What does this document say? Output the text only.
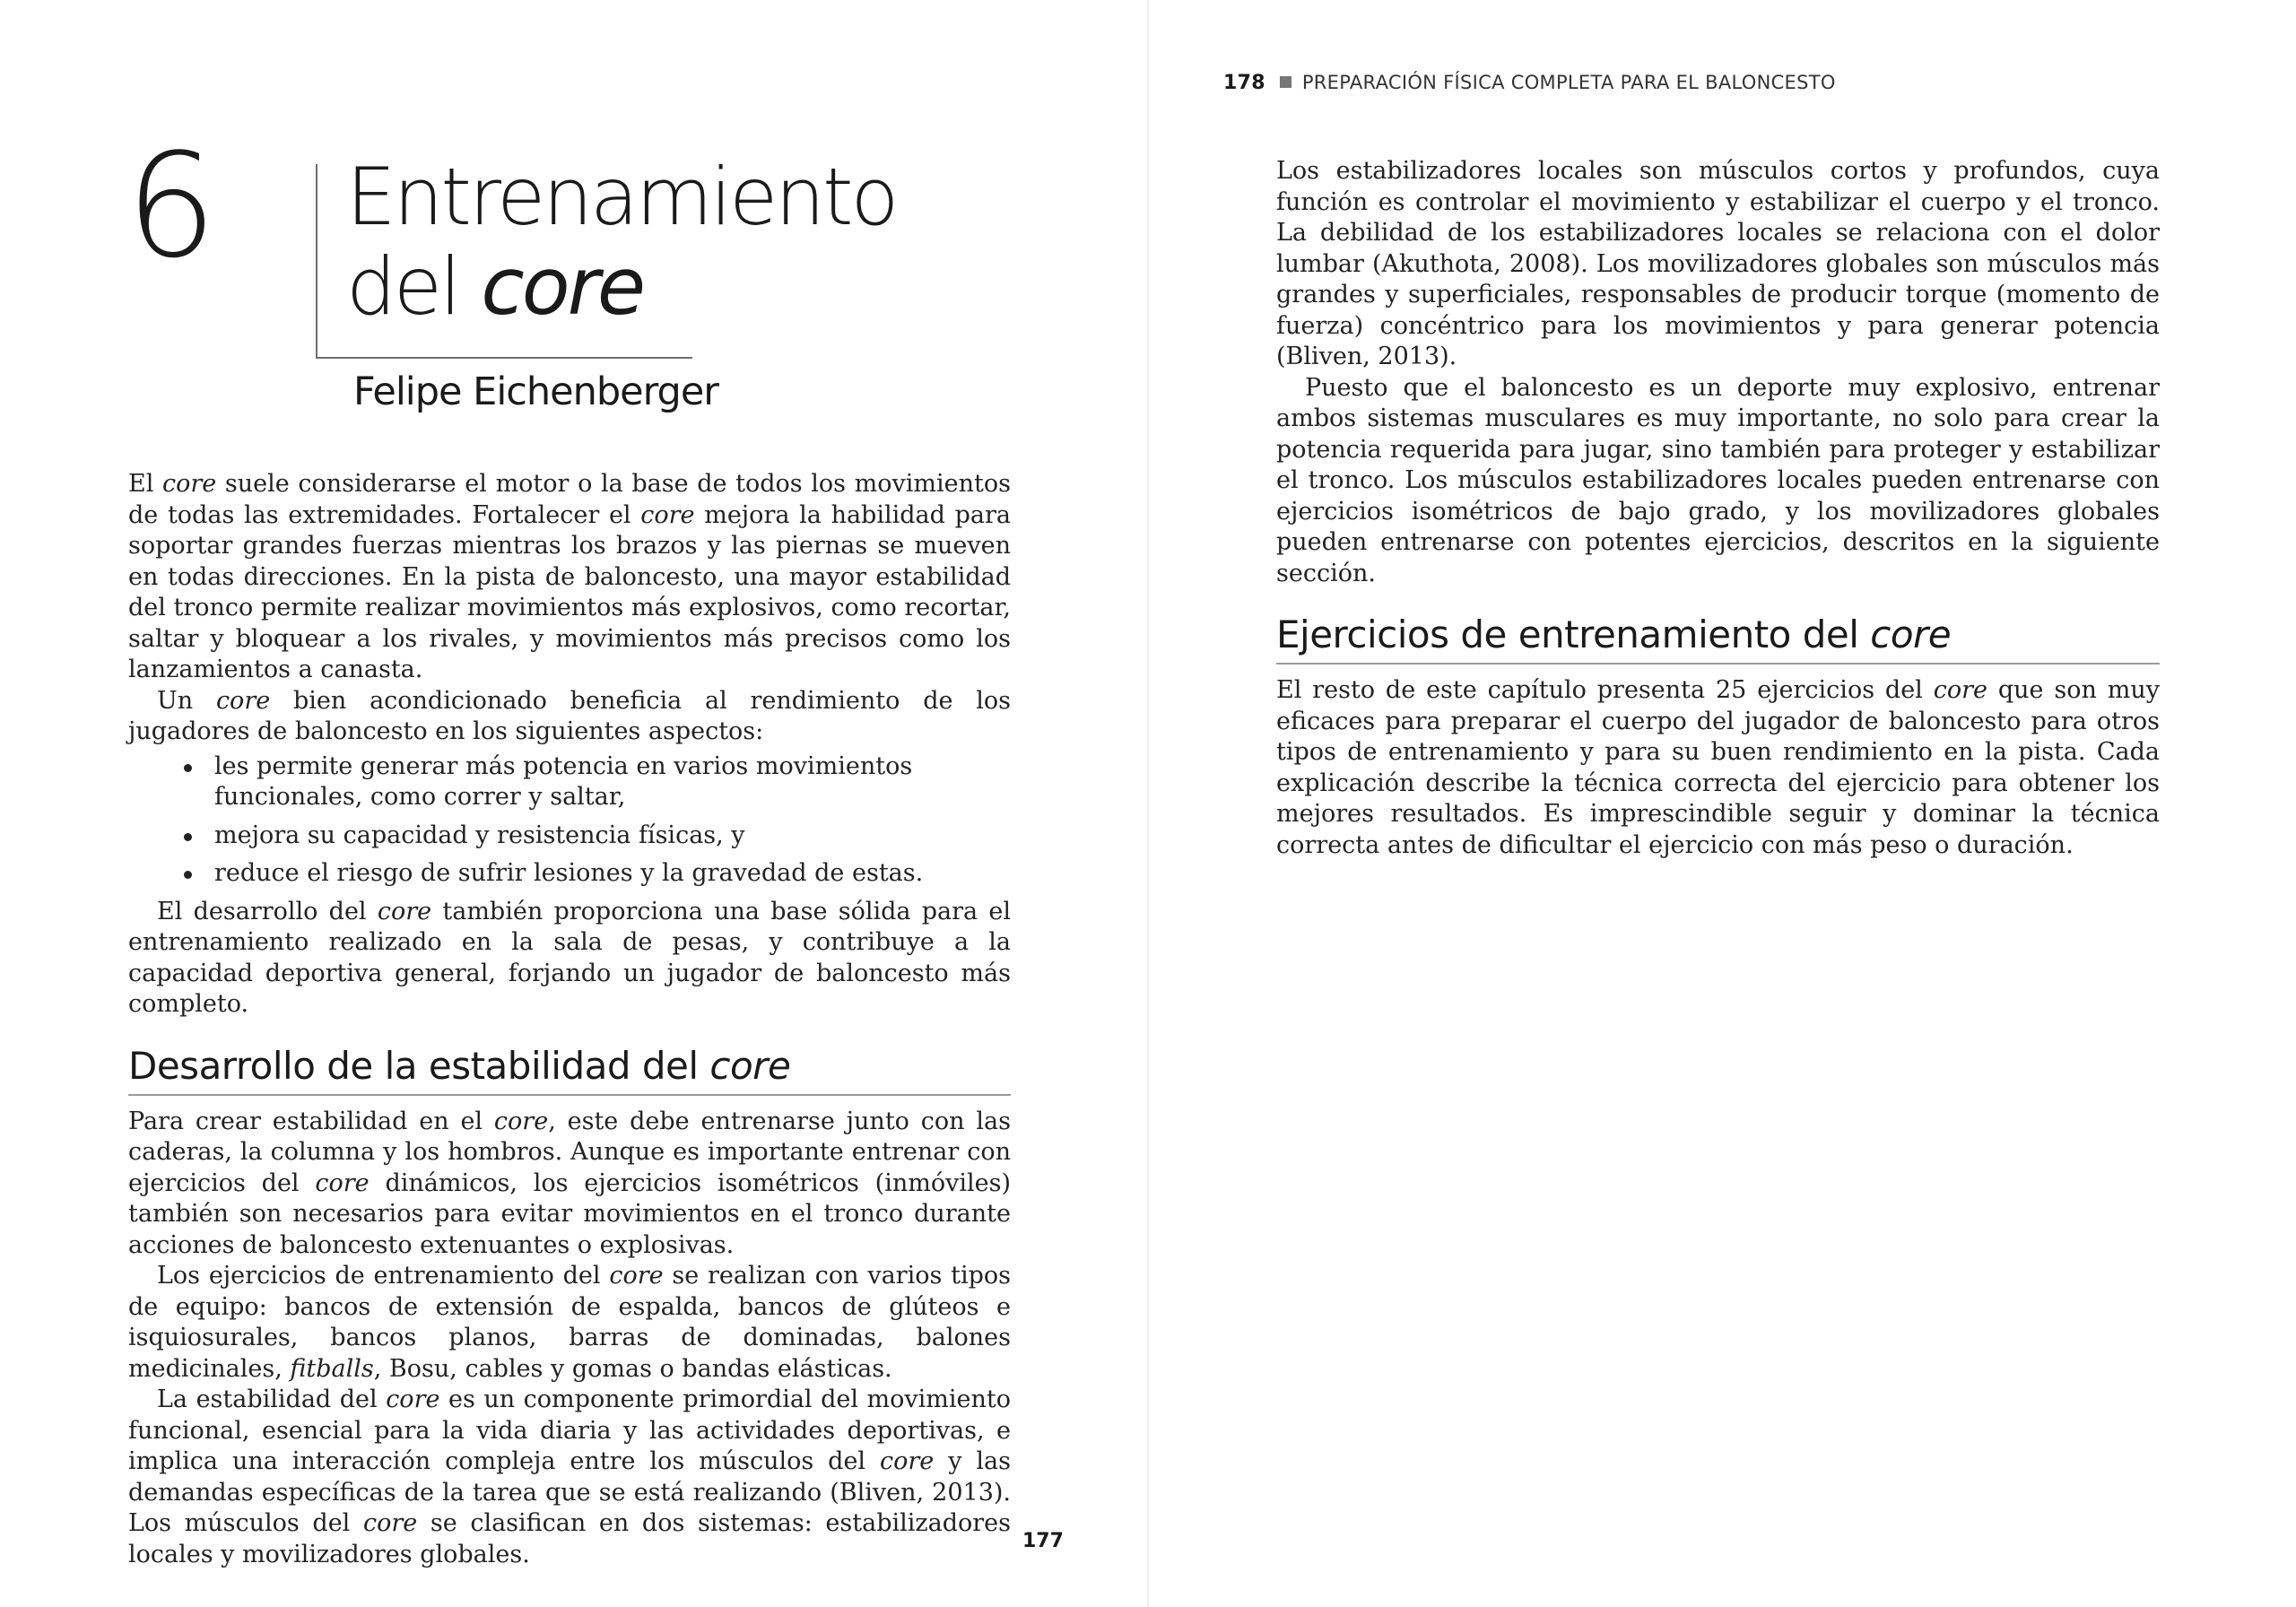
6 Entrenamiento
del core
Felipe Eichenberger

El core suele considerarse el motor o la base de todos los movimientos de todas las extremidades. Fortalecer el core mejora la habilidad para soportar grandes fuerzas mientras los brazos y las piernas se mueven en todas direcciones. En la pista de baloncesto, una mayor estabilidad del tronco permite realizar movimientos más explosivos, como recortar, saltar y bloquear a los rivales, y movimientos más precisos como los lanzamientos a canasta.

Un core bien acondicionado beneficia al rendimiento de los jugadores de baloncesto en los siguientes aspectos:

les permite generar más potencia en varios movimientos funcionales, como correr y saltar,
mejora su capacidad y resistencia físicas, y
reduce el riesgo de sufrir lesiones y la gravedad de estas.

El desarrollo del core también proporciona una base sólida para el entrenamiento realizado en la sala de pesas, y contribuye a la capacidad deportiva general, forjando un jugador de baloncesto más completo.

Desarrollo de la estabilidad del core

Para crear estabilidad en el core, este debe entrenarse junto con las caderas, la columna y los hombros. Aunque es importante entrenar con ejercicios del core dinámicos, los ejercicios isométricos (inmóviles) también son necesarios para evitar movimientos en el tronco durante acciones de baloncesto extenuantes o explosivas.

Los ejercicios de entrenamiento del core se realizan con varios tipos de equipo: bancos de extensión de espalda, bancos de glúteos e isquiosurales, bancos planos, barras de dominadas, balones medicinales, fitballs, Bosu, cables y gomas o bandas elásticas.

La estabilidad del core es un componente primordial del movimiento funcional, esencial para la vida diaria y las actividades deportivas, e implica una interacción compleja entre los músculos del core y las demandas específicas de la tarea que se está realizando (Bliven, 2013). Los músculos del core se clasifican en dos sistemas: estabilizadores locales y movilizadores globales.	177
178 PREPARACIÓN FÍSICA COMPLETA PARA EL BALONCESTO

Los estabilizadores locales son músculos cortos y profundos, cuya función es controlar el movimiento y estabilizar el cuerpo y el tronco. La debilidad de los estabilizadores locales se relaciona con el dolor lumbar (Akuthota, 2008). Los movilizadores globales son músculos más grandes y superficiales, responsables de producir torque (momento de fuerza) concéntrico para los movimientos y para generar potencia (Bliven, 2013).

Puesto que el baloncesto es un deporte muy explosivo, entrenar ambos sistemas musculares es muy importante, no solo para crear la potencia requerida para jugar, sino también para proteger y estabilizar el tronco. Los músculos estabilizadores locales pueden entrenarse con ejercicios isométricos de bajo grado, y los movilizadores globales pueden entrenarse con potentes ejercicios, descritos en la siguiente sección.

Ejercicios de entrenamiento del core

El resto de este capítulo presenta 25 ejercicios del core que son muy eficaces para preparar el cuerpo del jugador de baloncesto para otros tipos de entrenamiento y para su buen rendimiento en la pista. Cada explicación describe la técnica correcta del ejercicio para obtener los mejores resultados. Es imprescindible seguir y dominar la técnica correcta antes de dificultar el ejercicio con más peso o duración.
